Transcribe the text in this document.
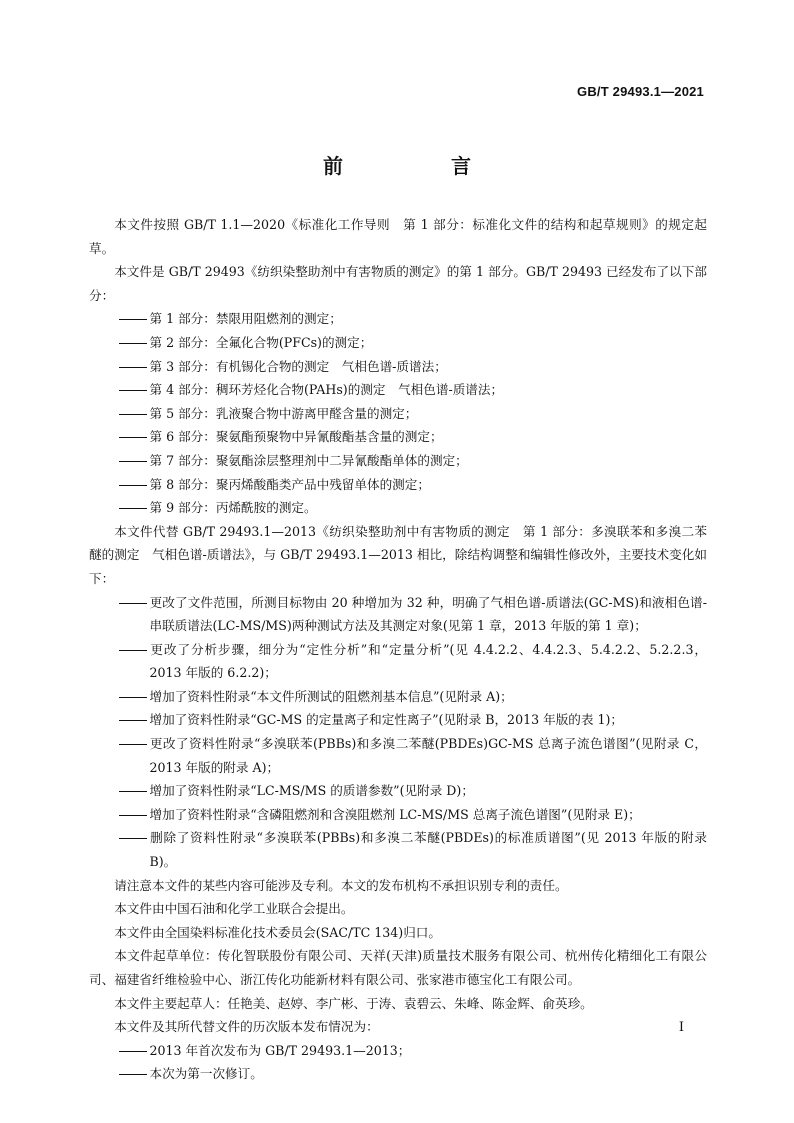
GB/T 29493.1—2021
前　言

本文件按照 GB/T 1.1—2020《标准化工作导则　第 1 部分：标准化文件的结构和起草规则》的规定起草。

本文件是 GB/T 29493《纺织染整助剂中有害物质的测定》的第 1 部分。GB/T 29493 已经发布了以下部分：

第 1 部分：禁限用阻燃剂的测定；

第 2 部分：全氟化合物(PFCs)的测定；

第 3 部分：有机锡化合物的测定　气相色谱-质谱法；

第 4 部分：稠环芳烃化合物(PAHs)的测定　气相色谱-质谱法；

第 5 部分：乳液聚合物中游离甲醛含量的测定；

第 6 部分：聚氨酯预聚物中异氰酸酯基含量的测定；

第 7 部分：聚氨酯涂层整理剂中二异氰酸酯单体的测定；

第 8 部分：聚丙烯酸酯类产品中残留单体的测定；

第 9 部分：丙烯酰胺的测定。

本文件代替 GB/T 29493.1—2013《纺织染整助剂中有害物质的测定　第 1 部分：多溴联苯和多溴二苯醚的测定　气相色谱-质谱法》，与 GB/T 29493.1—2013 相比，除结构调整和编辑性修改外，主要技术变化如下：

更改了文件范围，所测目标物由 20 种增加为 32 种，明确了气相色谱-质谱法(GC-MS)和液相色谱-串联质谱法(LC-MS/MS)两种测试方法及其测定对象(见第 1 章，2013 年版的第 1 章)；

更改了分析步骤，细分为“定性分析”和“定量分析”(见 4.4.2.2、4.4.2.3、5.4.2.2、5.2.2.3，2013 年版的 6.2.2)；

增加了资料性附录“本文件所测试的阻燃剂基本信息”(见附录 A)；

增加了资料性附录“GC-MS 的定量离子和定性离子”(见附录 B，2013 年版的表 1)；

更改了资料性附录“多溴联苯(PBBs)和多溴二苯醚(PBDEs)GC-MS 总离子流色谱图”(见附录 C，2013 年版的附录 A)；

增加了资料性附录“LC-MS/MS 的质谱参数”(见附录 D)；

增加了资料性附录“含磷阻燃剂和含溴阻燃剂 LC-MS/MS 总离子流色谱图”(见附录 E)；

删除了资料性附录“多溴联苯(PBBs)和多溴二苯醚(PBDEs)的标准质谱图”(见 2013 年版的附录 B)。

请注意本文件的某些内容可能涉及专利。本文的发布机构不承担识别专利的责任。

本文件由中国石油和化学工业联合会提出。

本文件由全国染料标准化技术委员会(SAC/TC 134)归口。

本文件起草单位：传化智联股份有限公司、天祥(天津)质量技术服务有限公司、杭州传化精细化工有限公司、福建省纤维检验中心、浙江传化功能新材料有限公司、张家港市德宝化工有限公司。

本文件主要起草人：任艳美、赵婷、李广彬、于涛、袁碧云、朱峰、陈金辉、俞英珍。

本文件及其所代替文件的历次版本发布情况为：

2013 年首次发布为 GB/T 29493.1—2013；

本次为第一次修订。

Ⅰ
